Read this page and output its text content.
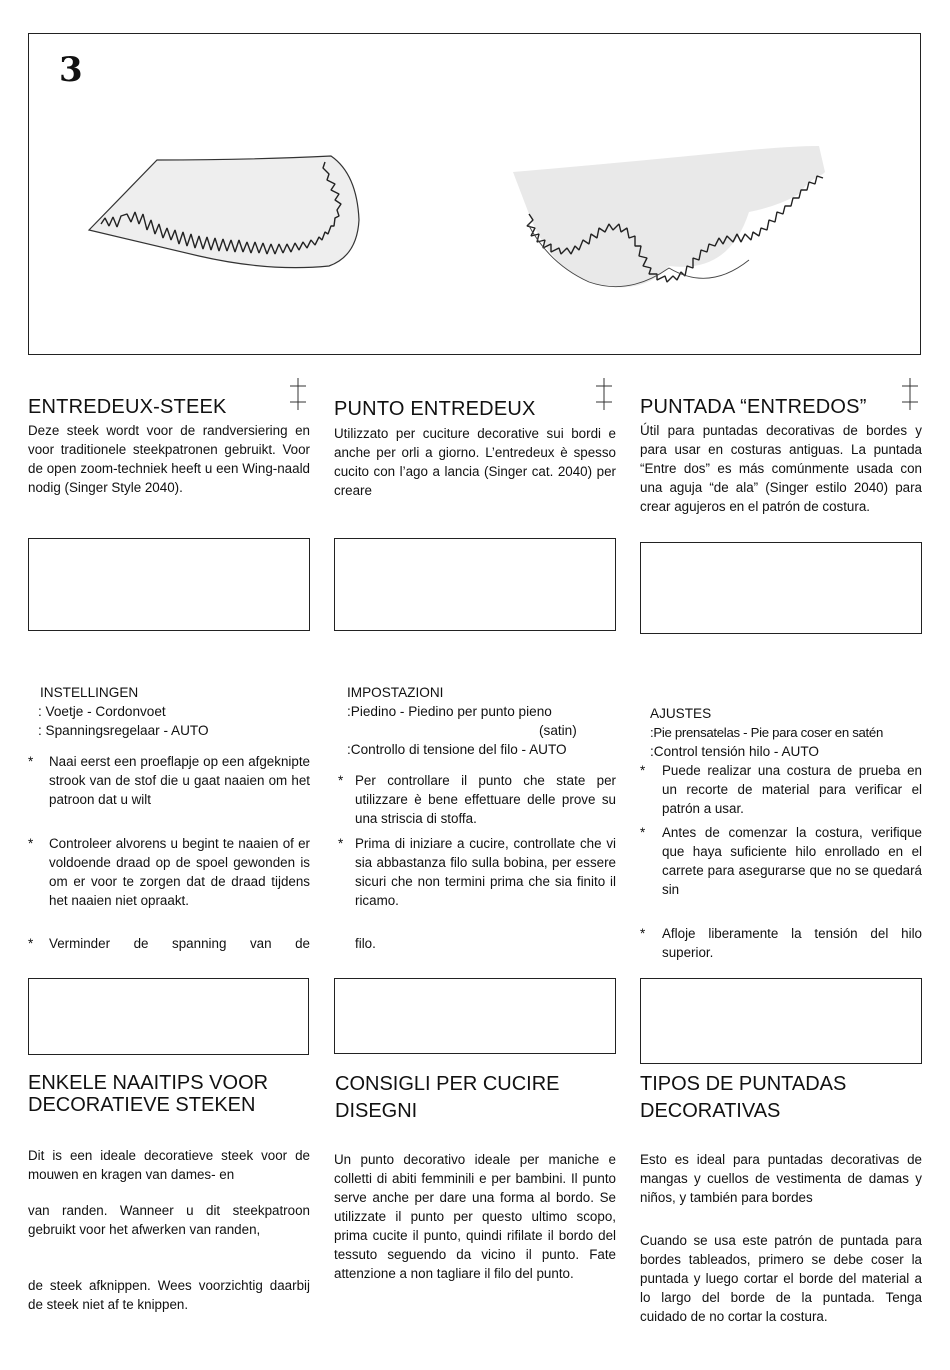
3
ENTREDEUX-STEEK
Deze steek wordt voor de randversiering en voor traditionele steekpatronen gebruikt. Voor de open zoom-techniek heeft u een Wing-naald nodig (Singer Style 2040).
INSTELLINGEN
: Voetje - Cordonvoet
: Spanningsregelaar - AUTO
* Naai eerst een proeflapje op een afgeknipte strook van de stof die u gaat naaien om het patroon dat u wilt
* Controleer alvorens u begint te naaien of er voldoende draad op de spoel gewonden is om er voor te zorgen dat de draad tijdens het naaien niet opraakt.
* Verminder de spanning van de
ENKELE NAAITIPS VOOR
DECORATIEVE STEKEN
Dit is een ideale decoratieve steek voor de mouwen en kragen van dames- en
van randen. Wanneer u dit steekpatroon gebruikt voor het afwerken van randen,
de steek afknippen. Wees voorzichtig daarbij de steek niet af te knippen.
PUNTO ENTREDEUX
Utilizzato per cuciture decorative sui bordi e anche per orli a giorno. L’entredeux è spesso cucito con l’ago a lancia (Singer cat. 2040) per creare
IMPOSTAZIONI
:Piedino - Piedino per punto pieno
(satin)
:Controllo di tensione del filo - AUTO
* Per controllare il punto che state per utilizzare è bene effettuare delle prove su una striscia di stoffa.
* Prima di iniziare a cucire, controllate che vi sia abbastanza filo sulla bobina, per essere sicuri che non termini prima che sia finito il ricamo.
filo.
CONSIGLI PER CUCIRE
DISEGNI
Un punto decorativo ideale per maniche e colletti di abiti femminili e per bambini. Il punto serve anche per dare una forma al bordo. Se utilizzate il punto per questo ultimo scopo, prima cucite il punto, quindi rifilate il bordo del tessuto seguendo da vicino il punto. Fate attenzione a non tagliare il filo del punto.
PUNTADA “ENTREDOS”
Útil para puntadas decorativas de bordes y para usar en costuras antiguas. La puntada “Entre dos” es más comúnmente usada con una aguja “de ala” (Singer estilo 2040) para crear agujeros en el patrón de costura.
AJUSTES
:Pie prensatelas - Pie para coser en satén
:Control tensión hilo - AUTO
* Puede realizar una costura de prueba en un recorte de material para verificar el patrón a usar.
* Antes de comenzar la costura, verifique que haya suficiente hilo enrollado en el carrete para asegurarse que no se quedará sin
* Afloje liberamente la tensión del hilo superior.
TIPOS DE PUNTADAS
DECORATIVAS
Esto es ideal para puntadas decorativas de mangas y cuellos de vestimenta de damas y niños, y también para bordes
Cuando se usa este patrón de puntada para bordes tableados, primero se debe coser la puntada y luego cortar el borde del material a lo largo del borde de la puntada. Tenga cuidado de no cortar la costura.
